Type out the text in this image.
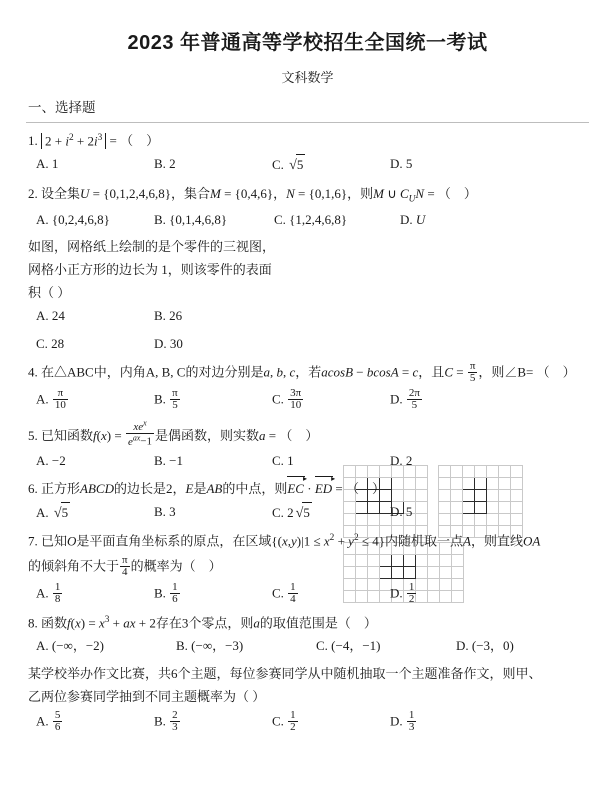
2023 年普通高等学校招生全国统一考试
文科数学
一、选择题
1. $2 + i^2 + 2i^3$ = （    ）
A. 1	B. 2	C. √5	D. 5
2. 设全集U = {0,1,2,4,6,8}，集合M = {0,4,6}，N = {0,1,6}，则M ∪ $C_UN$ = （    ）
A. {0,2,4,6,8}	B. {0,1,4,6,8}	C. {1,2,4,6,8}	D. U
如图，网格纸上绘制的是个零件的三视图，
网格小正方形的边长为 1，则该零件的表面
积（ ）
A. 24	B. 26
C. 28	D. 30

4. 在△ABC中，内角A, B, C的对边分别是a, b, c，若acosB − bcosA = c，且$C = \frac{\pi}{5}$ ，则∠B= （    ）
A. $\frac{\pi}{10}$	B. $\frac{\pi}{5}$	C. $\frac{3\pi}{10}$	D. $\frac{2\pi}{5}$
5. 已知函数$f(x) = \frac{xe^x}{e^{ax}-1}$ 是偶函数，则实数a = （    ）
A. −2	B. −1	C. 1	D. 2
6. 正方形ABCD的边长是2，E是AB的中点，则EC
▸
· ED
▸
= （    ）
A. √5	B. 3	C. 2 √5	D. 5
7. 已知O是平面直角坐标系的原点，在区域$\{(x,y)|1 \le x^2 + y^2 \le 4\}$内随机取一点A，则直线OA
的倾斜角不大于 $\frac{\pi}{4}$ 的概率为（    ）
A. $\frac{1}{8}$	B. $\frac{1}{6}$	C. $\frac{1}{4}$	D. $\frac{1}{2}$
8. 函数$f(x) = x^3$ + ax + 2存在3个零点，则a的取值范围是（    ）
A. (−∞，−2)	B. (−∞，−3)	C. (−4，−1)	D. (−3，0)
某学校举办作文比赛，共6个主题，每位参赛同学从中随机抽取一个主题准备作文，则甲、
乙两位参赛同学抽到不同主题概率为（ ）
A. $\frac{5}{6}$	B. $\frac{2}{3}$	C. $\frac{1}{2}$	D. $\frac{1}{3}$
